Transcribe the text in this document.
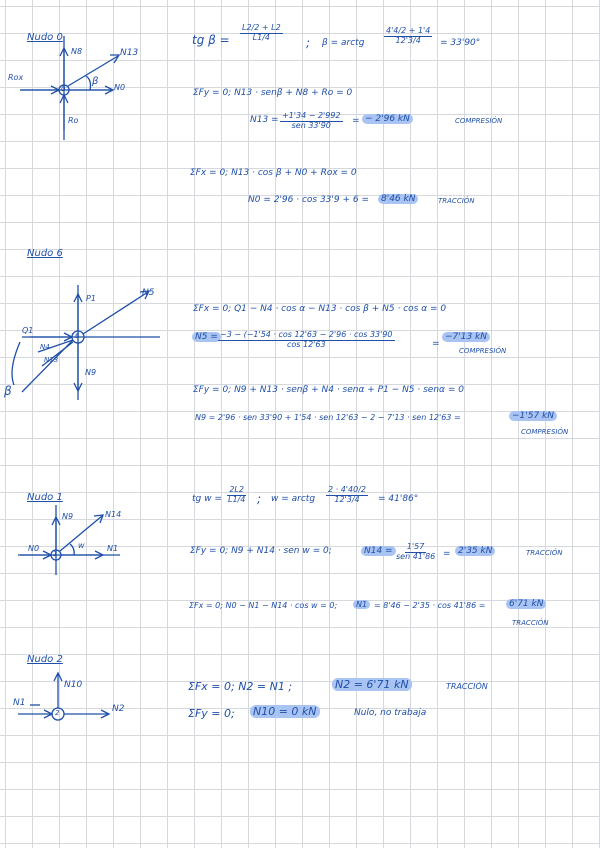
Nudo 0
N8	N13
β
N0
Rox
Ro
0
tg $\beta = \frac{L2/2 + L2}{L1/4}$
; β = arctg $\frac{4'4/2 + 1'4}{12'3/4} = 33'90^\circ$
ΣFy = 0; N13 · senβ + N8 + Ro = 0
N13 = +1'34 − 2'992
sen 33'90 = − 2'96 kN	COMPRESIÓN
ΣFx = 0; N13 · cos β + N0 + Rox = 0
N0 = 2'96 · cos 33'9 + 6 =	8'46 kN	TRACCIÓN
Nudo 6
P1
N5
Q1
N4
N13
N9
β
6
ΣFx = 0; Q1 − N4 · cos α − N13 · cos β + N5 · cos α = 0
$N5 = \frac{-3 - (-1'54 \cdot \cos 12'63 - 2'96 \cdot \cos 33'90}{\cos 12'63}$	=
−7'13 kN
COMPRESIÓN
ΣFy = 0; N9 + N13 · senβ + N4 · senα + P1 − N5 · senα = 0
N9 = 2'96 · sen 33'90 + 1'54 · sen 12'63 − 2 − 7'13 · sen 12'63 =	−1'57 kN
COMPRESIÓN
Nudo 1
N9	N14
N0	w	N1
1
tg $w = \frac{2L2}{L1/4}$ ; w = arctg $\frac{2 \cdot 4'40/2}{12'3/4} = 41'86^\circ$
ΣFy = 0; N9 + N14 · sen w = 0;	N14 =	1'57
sen 41'86 = 2'35 kN	TRACCIÓN
ΣFx = 0; N0 − N1 − N14 · cos w = 0;	N1 = 8'46 − 2'35 · cos 41'86 =	6'71 kN
TRACCIÓN
Nudo 2
N10
N1
N2
2
ΣFx = 0; N2 = N1 ;	N2 = 6'71 kN	TRACCIÓN
ΣFy = 0; N10 = 0 kN	Nulo, no trabaja
